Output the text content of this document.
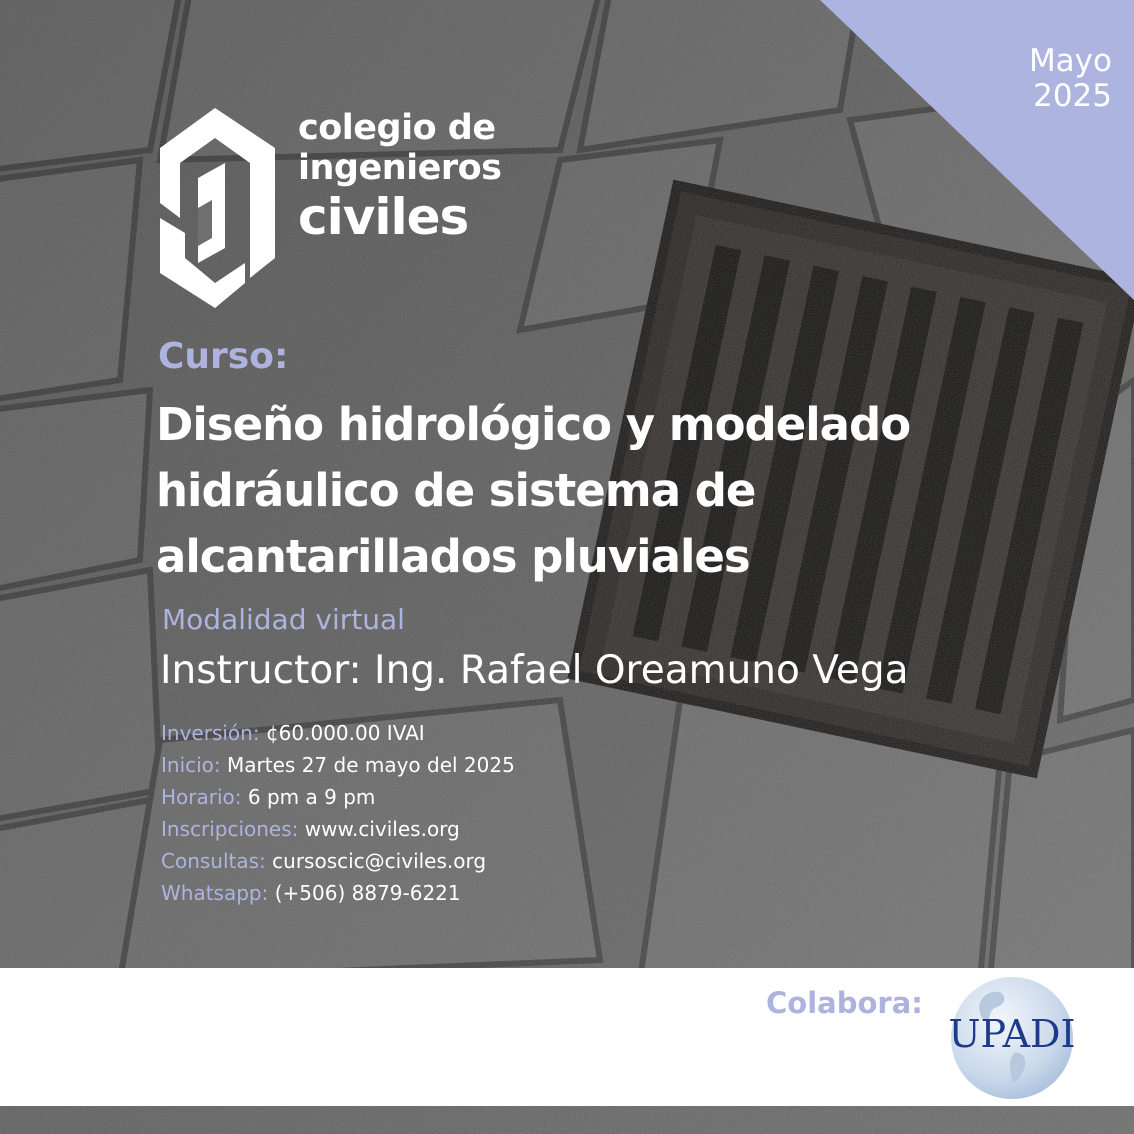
Mayo
2025
colegio de
ingenieros
civiles
Curso:
Diseño hidrológico y modelado
hidráulico de sistema de
alcantarillados pluviales
Modalidad virtual
Instructor: Ing. Rafael Oreamuno Vega
Inversión: ¢60.000.00 IVAI
Inicio: Martes 27 de mayo del 2025
Horario: 6 pm a 9 pm
Inscripciones: www.civiles.org
Consultas: cursoscic@civiles.org
Whatsapp: (+506) 8879-6221
Colabora:
UPADI
